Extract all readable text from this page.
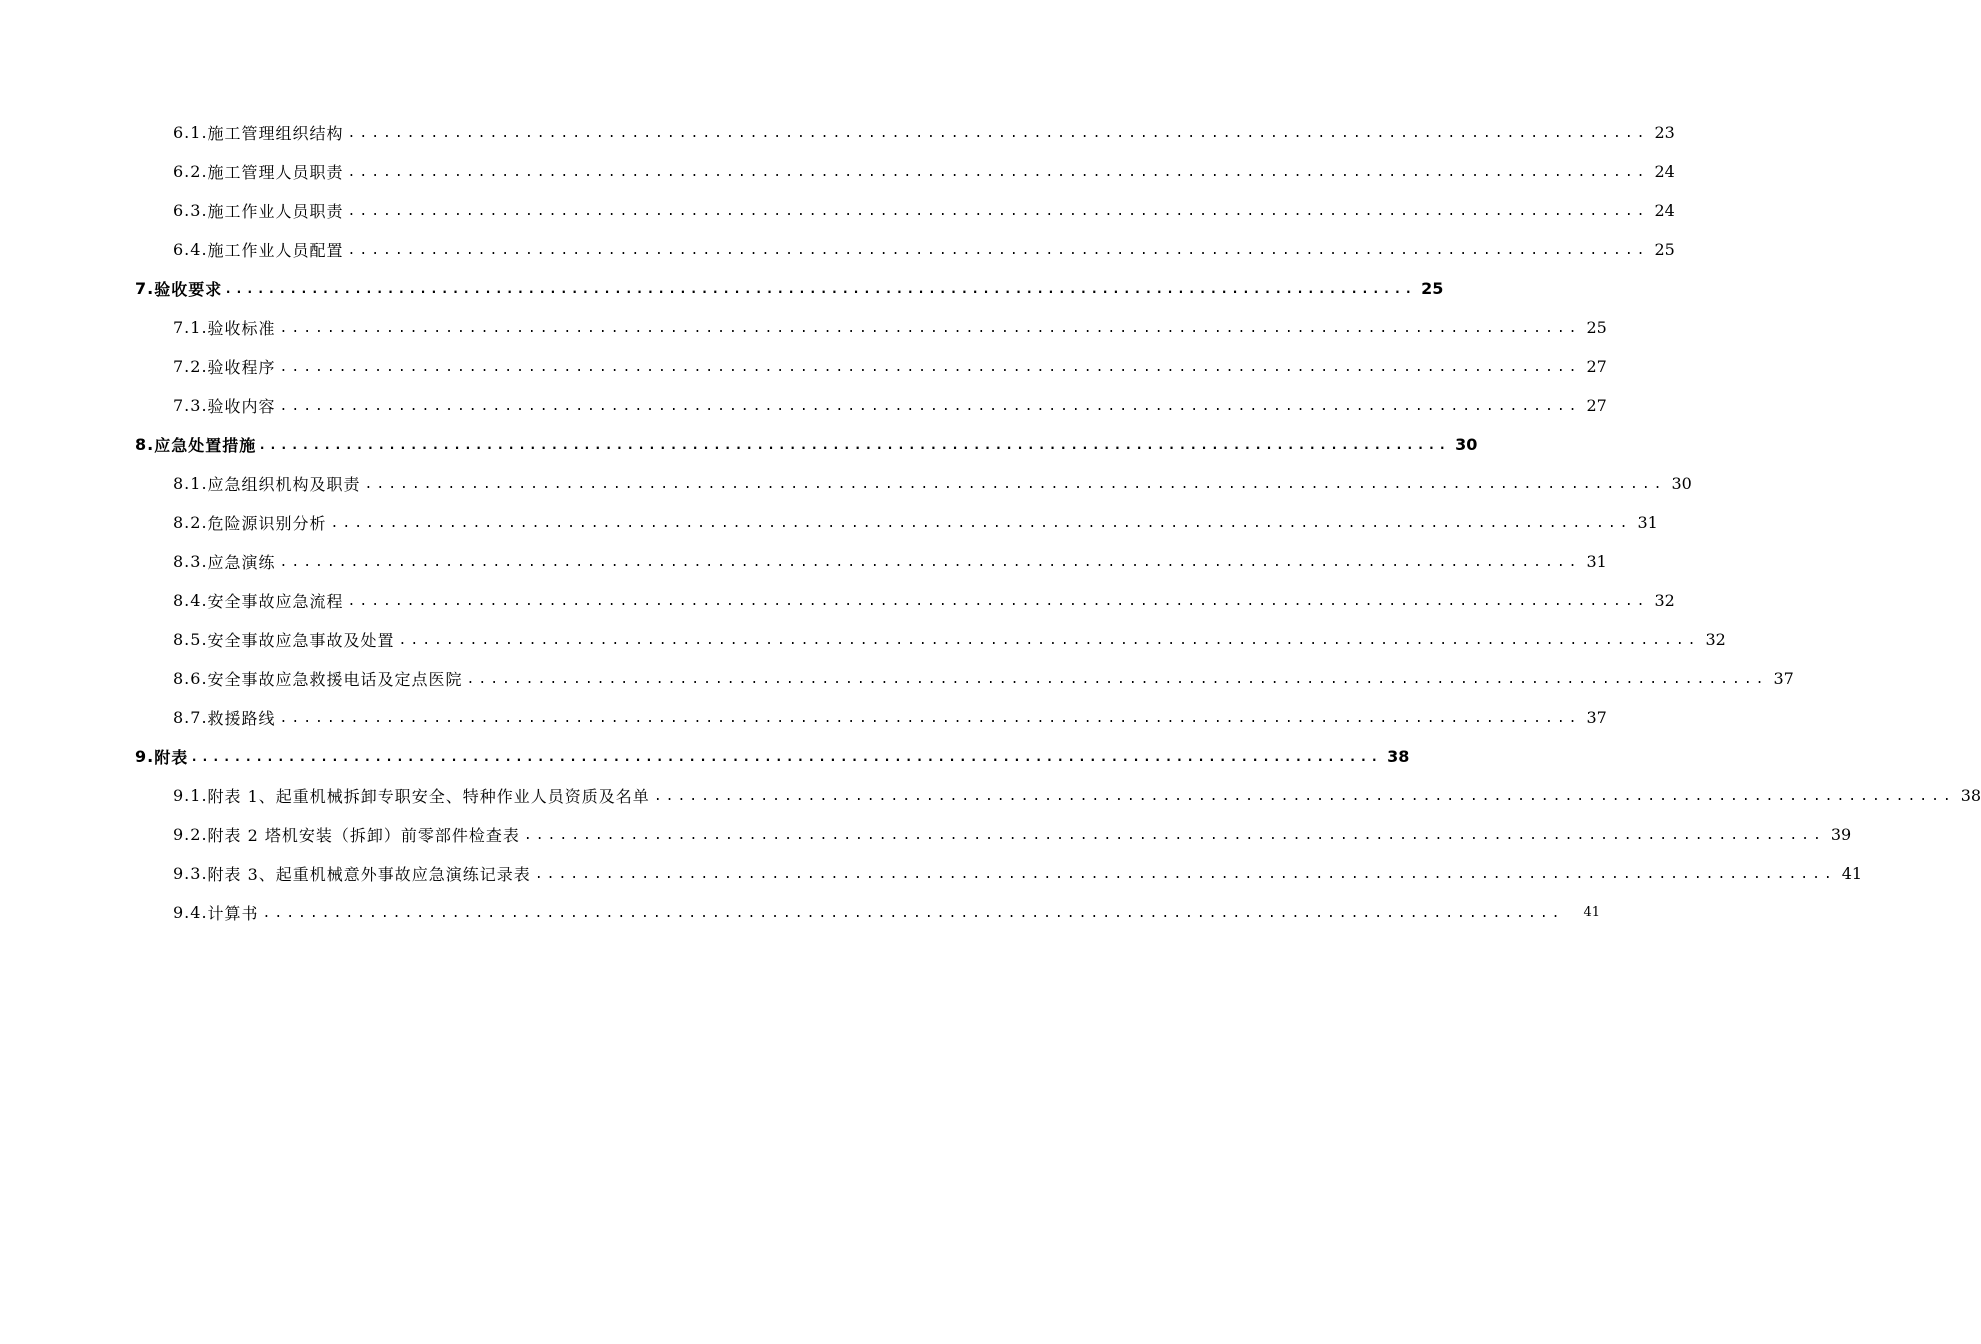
6.1. 施工管理组织结构 .............................................................................................................. 23
6.2. 施工管理人员职责 .............................................................................................................. 24
6.3. 施工作业人员职责 .............................................................................................................. 24
6.4. 施工作业人员配置 .............................................................................................................. 25
7. 验收要求 .............................................................................................................. 25
7.1. 验收标准 .............................................................................................................. 25
7.2. 验收程序 .............................................................................................................. 27
7.3. 验收内容 .............................................................................................................. 27
8. 应急处置措施 .............................................................................................................. 30
8.1. 应急组织机构及职责 .............................................................................................................. 30
8.2. 危险源识别分析 .............................................................................................................. 31
8.3. 应急演练 .............................................................................................................. 31
8.4. 安全事故应急流程 .............................................................................................................. 32
8.5. 安全事故应急事故及处置 .............................................................................................................. 32
8.6. 安全事故应急救援电话及定点医院 .............................................................................................................. 37
8.7. 救援路线 .............................................................................................................. 37
9. 附表 .............................................................................................................. 38
9.1. 附表 1、起重机械拆卸专职安全、特种作业人员资质及名单 .............................................................................................................. 38
9.2. 附表 2 塔机安装（拆卸）前零部件检查表 .............................................................................................................. 39
9.3. 附表 3、起重机械意外事故应急演练记录表 .............................................................................................................. 41
9.4. 计算书 .............................................................................................................. 41
